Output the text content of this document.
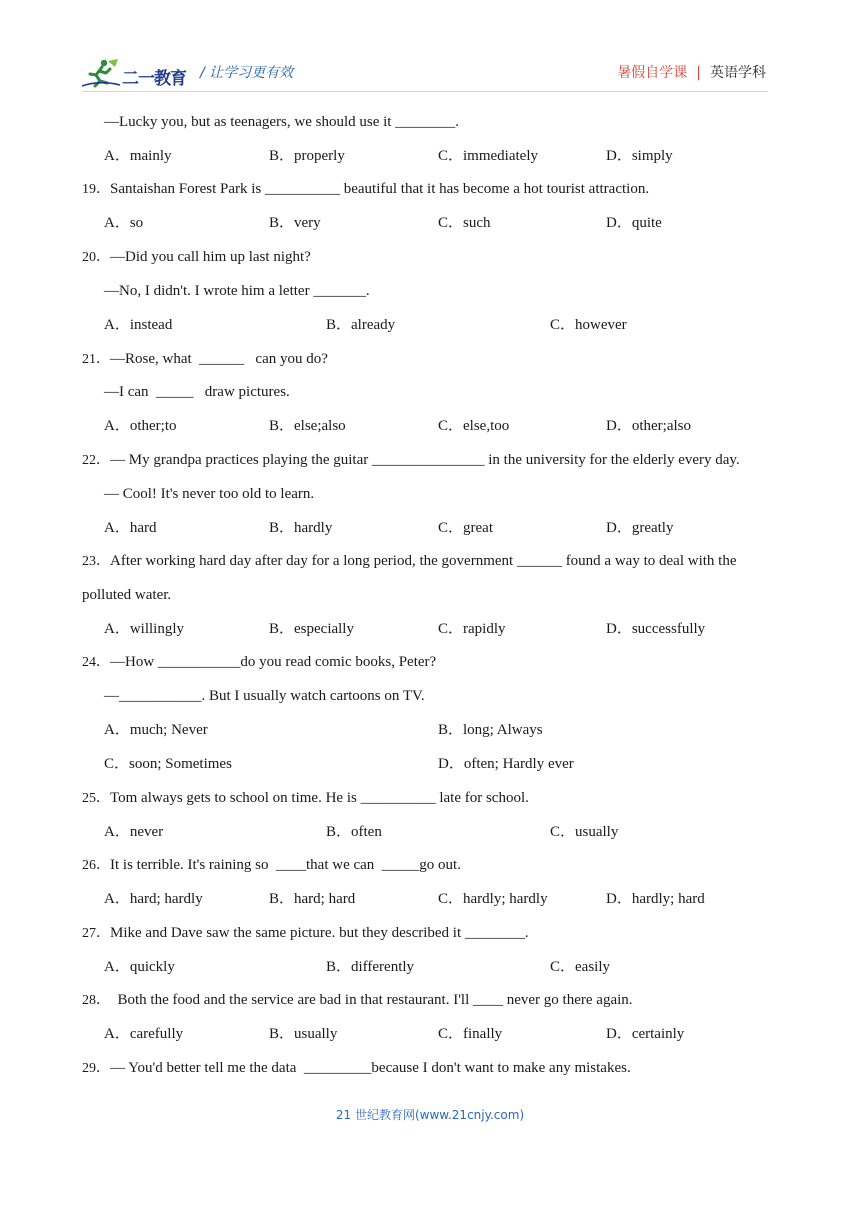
二一教育 / 让学习更有效	暑假自学课 | 英语学科
—Lucky you, but as teenagers, we should use it ________.
A．mainly	B．properly	C．immediately	D．simply
19．Santaishan Forest Park is __________ beautiful that it has become a hot tourist attraction.
A．so	B．very	C．such	D．quite
20．—Did you call him up last night?
—No, I didn't. I wrote him a letter _______.
A．instead	B．already	C．however
21．—Rose, what  ______   can you do?
—I can  _____   draw pictures.
A．other;to	B．else;also	C．else,too	D．other;also
22．— My grandpa practices playing the guitar _______________ in the university for the elderly every day.
— Cool! It's never too old to learn.
A．hard	B．hardly	C．great	D．greatly
23．After working hard day after day for a long period, the government ______ found a way to deal with the
polluted water.
A．willingly	B．especially	C．rapidly	D．successfully
24．—How ___________do you read comic books, Peter?
—___________. But I usually watch cartoons on TV.
A．much; Never	B．long; Always
C．soon; Sometimes	D．often; Hardly ever
25．Tom always gets to school on time. He is __________ late for school.
A．never	B．often	C．usually
26．It is terrible. It's raining so  ____that we can  _____go out.
A．hard; hardly	B．hard; hard	C．hardly; hardly	D．hardly; hard
27．Mike and Dave saw the same picture. but they described it ________.
A．quickly	B．differently	C．easily
28．  Both the food and the service are bad in that restaurant. I'll ____ never go there again.
A．carefully	B．usually	C．finally	D．certainly
29．— You'd better tell me the data  _________because I don't want to make any mistakes.
21 世纪教育网(www.21cnjy.com)
